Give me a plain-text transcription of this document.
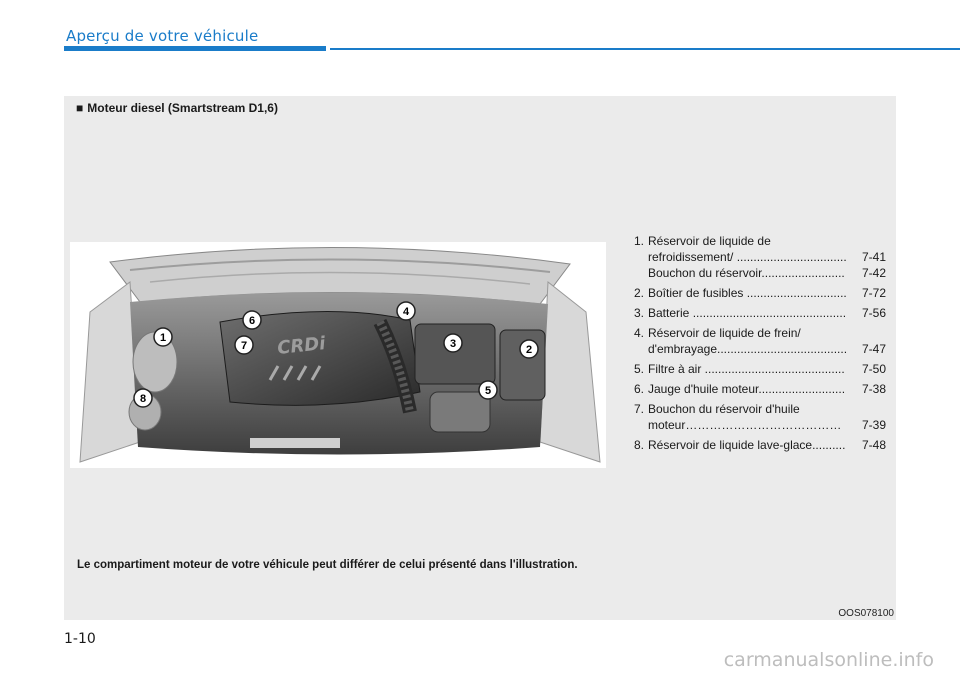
Aperçu de votre véhicule
■ Moteur diesel (Smartstream D1,6)
CRDi
1
2
3
4
5
6
7
8
1. Réservoir de liquide de
refroidissement/ .................................	7-41
Bouchon du réservoir.........................	7-42
2. Boîtier de fusibles ..............................	7-72
3. Batterie ..............................................	7-56
4. Réservoir de liquide de frein/
d'embrayage.......................................	7-47
5. Filtre à air ..........................................	7-50
6. Jauge d'huile moteur..........................	7-38
7. Bouchon du réservoir d'huile
moteur…………………………………	7-39
8. Réservoir de liquide lave-glace..........	7-48
Le compartiment moteur de votre véhicule peut différer de celui présenté dans l'illustration.
OOS078100
1-10
carmanualsonline.info
